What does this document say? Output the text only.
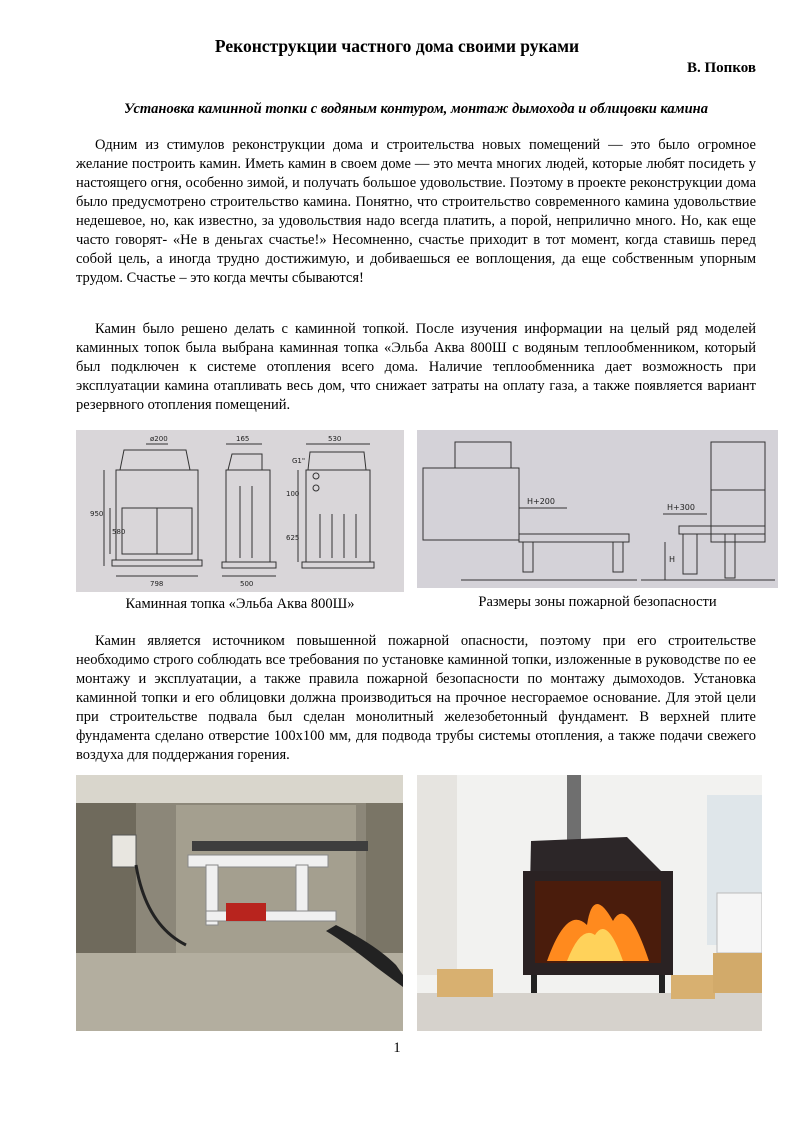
Реконструкции частного дома своими руками
В. Попков
Установка каминной топки с водяным контуром, монтаж дымохода и облицовки камина

Одним из стимулов реконструкции дома и строительства новых помещений — это было огромное желание построить камин. Иметь камин в своем доме — это мечта многих людей, которые любят посидеть у настоящего огня, особенно зимой, и получать большое удовольствие. Поэтому в проекте реконструкции дома было предусмотрено строительство камина. Понятно, что строительство современного камина удовольствие недешевое, но, как известно, за удовольствия надо всегда платить, а порой, неприлично много. Но, как еще часто говорят- «Не в деньгах счастье!» Несомненно, счастье приходит в тот момент, когда ставишь перед собой цель, а иногда трудно достижимую, и добиваешься ее воплощения, да еще собственным упорным трудом. Счастье – это когда мечты сбываются!

Камин было решено делать с каминной топкой. После изучения информации на целый ряд моделей каминных топок была выбрана каминная топка «Эльба Аква 800Ш с водяным теплообменником, который был подключен к системе отопления всего дома. Наличие теплообменника дает возможность при эксплуатации камина отапливать весь дом, что снижает затраты на оплату газа, а также появляется вариант резервного отопления помещений.

ø200	165	530
G1"
950
580
100
625
798	500
H+200
H+300
H
Каминная топка «Эльба Аква 800Ш»	Размеры зоны пожарной безопасности

Камин является источником повышенной пожарной опасности, поэтому при его строительстве необходимо строго соблюдать все требования по установке каминной топки, изложенные в руководстве по ее монтажу и эксплуатации, а также правила пожарной безопасности по монтажу дымоходов. Установка каминной топки и его облицовки должна производиться на прочное несгораемое основание. Для этой цели при строительстве подвала был сделан монолитный железобетонный фундамент. В верхней плите фундамента сделано отверстие 100х100 мм, для подвода трубы системы отопления, а также подачи свежего воздуха для поддержания горения.

1
